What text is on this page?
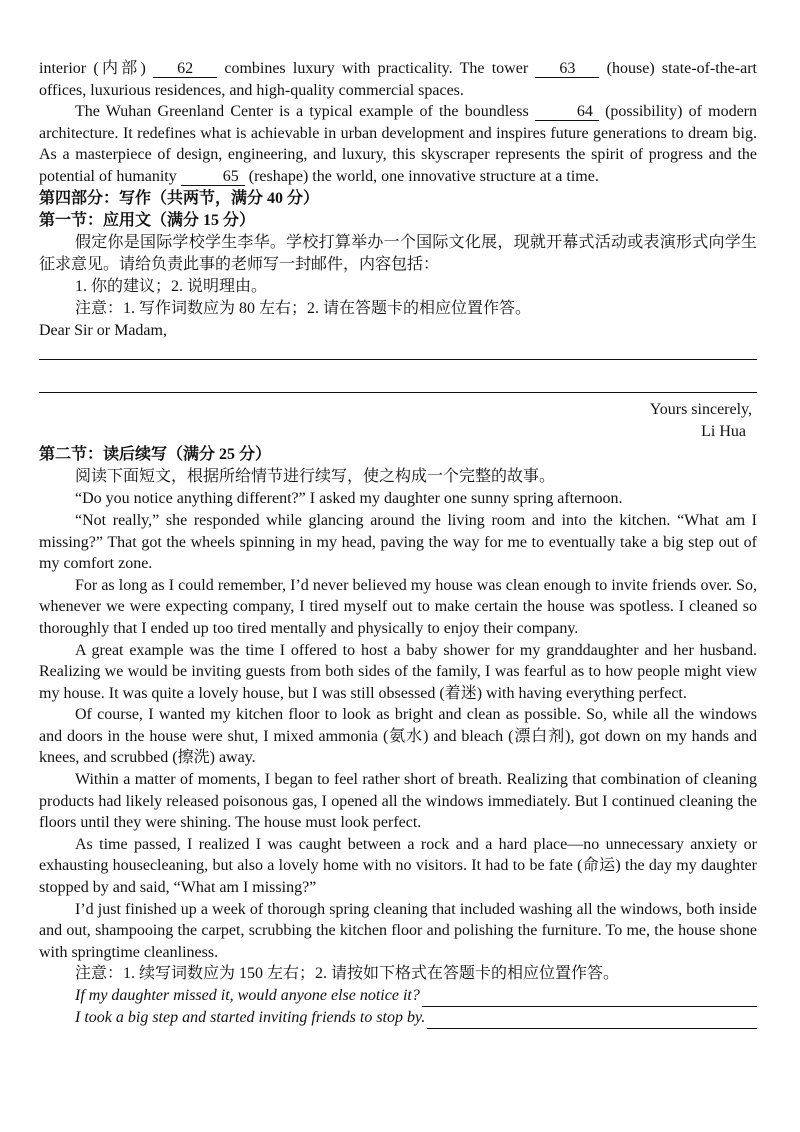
interior (内部) 62 combines luxury with practicality. The tower 63 (house) state-of-the-art offices, luxurious residences, and high-quality commercial spaces.

The Wuhan Greenland Center is a typical example of the boundless	64 (possibility) of modern architecture. It redefines what is achievable in urban development and inspires future generations to dream big. As a masterpiece of design, engineering, and luxury, this skyscraper represents the spirit of progress and the potential of humanity	65 (reshape) the world, one innovative structure at a time.

第四部分：写作（共两节，满分 40 分）
第一节：应用文（满分 15 分）

假定你是国际学校学生李华。学校打算举办一个国际文化展，现就开幕式活动或表演形式向学生征求意见。请给负责此事的老师写一封邮件，内容包括：

1. 你的建议；2. 说明理由。

注意：1. 写作词数应为 80 左右；2. 请在答题卡的相应位置作答。

Dear Sir or Madam,

Yours sincerely,
Li Hua
第二节：读后续写（满分 25 分）

阅读下面短文，根据所给情节进行续写，使之构成一个完整的故事。

“Do you notice anything different?” I asked my daughter one sunny spring afternoon.

“Not really,” she responded while glancing around the living room and into the kitchen. “What am I missing?” That got the wheels spinning in my head, paving the way for me to eventually take a big step out of my comfort zone.

For as long as I could remember, I’d never believed my house was clean enough to invite friends over. So, whenever we were expecting company, I tired myself out to make certain the house was spotless. I cleaned so thoroughly that I ended up too tired mentally and physically to enjoy their company.

A great example was the time I offered to host a baby shower for my granddaughter and her husband. Realizing we would be inviting guests from both sides of the family, I was fearful as to how people might view my house. It was quite a lovely house, but I was still obsessed (着迷) with having everything perfect.

Of course, I wanted my kitchen floor to look as bright and clean as possible. So, while all the windows and doors in the house were shut, I mixed ammonia (氨水) and bleach (漂白剂), got down on my hands and knees, and scrubbed (擦洗) away.

Within a matter of moments, I began to feel rather short of breath. Realizing that combination of cleaning products had likely released poisonous gas, I opened all the windows immediately. But I continued cleaning the floors until they were shining. The house must look perfect.

As time passed, I realized I was caught between a rock and a hard place—no unnecessary anxiety or exhausting housecleaning, but also a lovely home with no visitors. It had to be fate (命运) the day my daughter stopped by and said, “What am I missing?”

I’d just finished up a week of thorough spring cleaning that included washing all the windows, both inside and out, shampooing the carpet, scrubbing the kitchen floor and polishing the furniture. To me, the house shone with springtime cleanliness.

注意：1. 续写词数应为 150 左右；2. 请按如下格式在答题卡的相应位置作答。

If my daughter missed it, would anyone else notice it?
I took a big step and started inviting friends to stop by.
